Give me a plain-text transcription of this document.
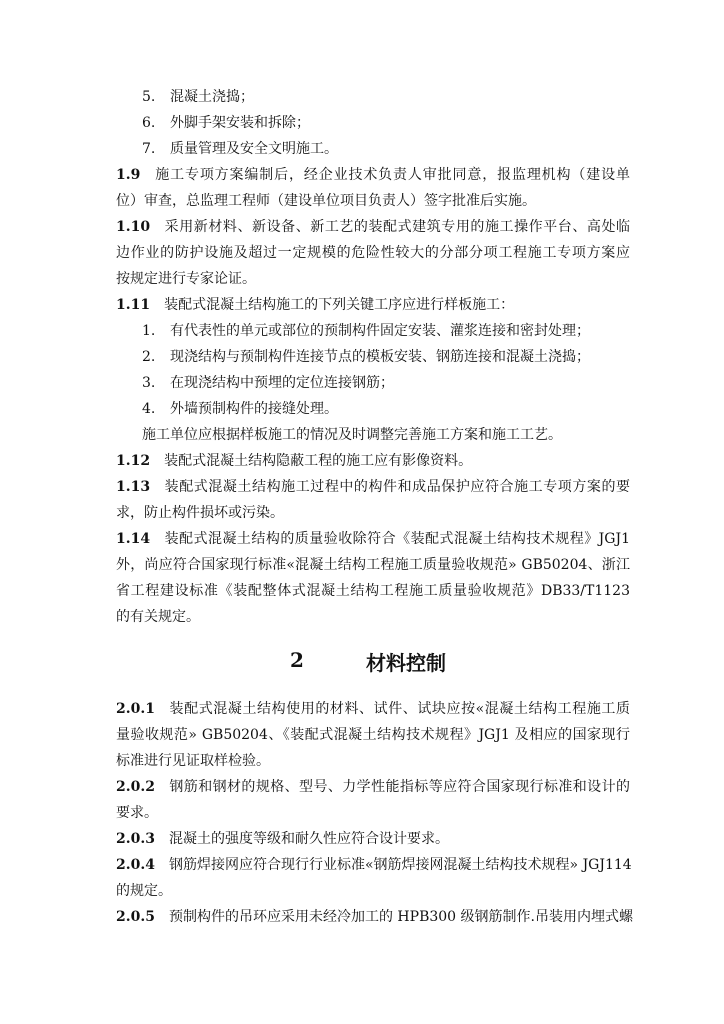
5. 混凝土浇捣；
6. 外脚手架安装和拆除；
7. 质量管理及安全文明施工。
1.9 施工专项方案编制后，经企业技术负责人审批同意，报监理机构（建设单
位）审查，总监理工程师（建设单位项目负责人）签字批准后实施。
1.10 采用新材料、新设备、新工艺的装配式建筑专用的施工操作平台、高处临
边作业的防护设施及超过一定规模的危险性较大的分部分项工程施工专项方案应
按规定进行专家论证。
1.11 装配式混凝土结构施工的下列关键工序应进行样板施工：
1. 有代表性的单元或部位的预制构件固定安装、灌浆连接和密封处理；
2. 现浇结构与预制构件连接节点的模板安装、钢筋连接和混凝土浇捣；
3. 在现浇结构中预埋的定位连接钢筋；
4. 外墙预制构件的接缝处理。
施工单位应根据样板施工的情况及时调整完善施工方案和施工工艺。
1.12 装配式混凝土结构隐蔽工程的施工应有影像资料。
1.13 装配式混凝土结构施工过程中的构件和成品保护应符合施工专项方案的要
求，防止构件损坏或污染。
1.14 装配式混凝土结构的质量验收除符合《装配式混凝土结构技术规程》JGJ1
外，尚应符合国家现行标准«混凝土结构工程施工质量验收规范» GB50204、浙江
省工程建设标准《装配整体式混凝土结构工程施工质量验收规范》DB33/T1123
的有关规定。
2	材料控制
2.0.1 装配式混凝土结构使用的材料、试件、试块应按«混凝土结构工程施工质
量验收规范» GB50204、《装配式混凝土结构技术规程》JGJ1 及相应的国家现行
标准进行见证取样检验。
2.0.2 钢筋和钢材的规格、型号、力学性能指标等应符合国家现行标准和设计的
要求。
2.0.3 混凝土的强度等级和耐久性应符合设计要求。
2.0.4 钢筋焊接网应符合现行行业标准«钢筋焊接网混凝土结构技术规程» JGJ114
的规定。
2.0.5 预制构件的吊环应采用未经冷加工的 HPB300 级钢筋制作.吊装用内埋式螺
